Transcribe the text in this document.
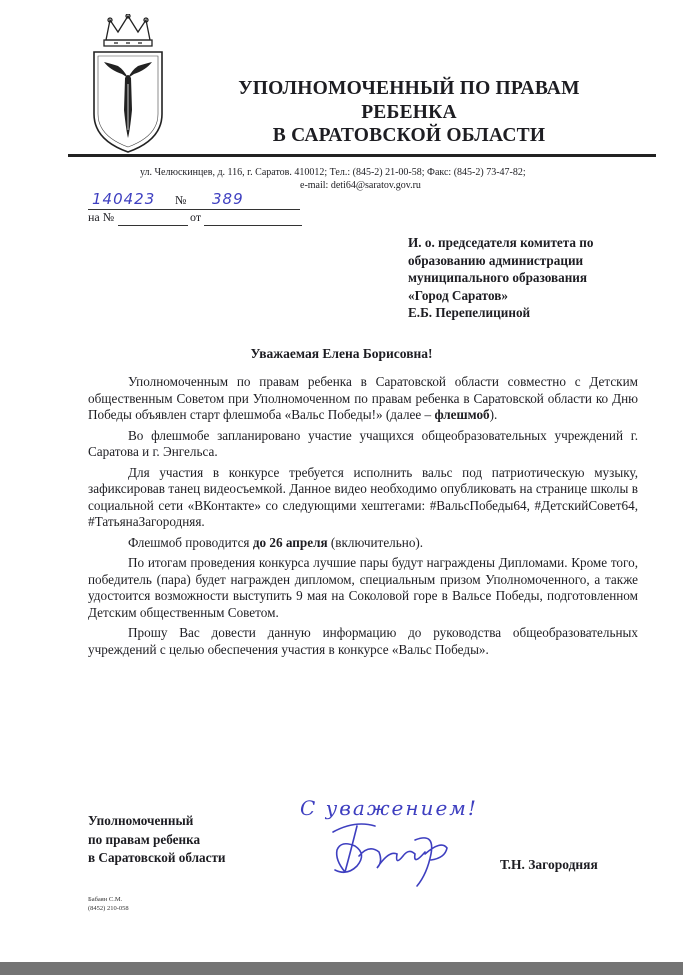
УПОЛНОМОЧЕННЫЙ ПО ПРАВАМ
РЕБЕНКА
В САРАТОВСКОЙ ОБЛАСТИ
ул. Челюскинцев, д. 116, г. Саратов. 410012; Тел.: (845-2) 21-00-58; Факс: (845-2) 73-47-82;
e-mail: deti64@saratov.gov.ru
140423 № 389
на №	от
И. о. председателя комитета по
образованию администрации
муниципального образования
«Город Саратов»
Е.Б. Перепелициной
Уважаемая Елена Борисовна!

Уполномоченным по правам ребенка в Саратовской области совместно с Детским общественным Советом при Уполномоченном по правам ребенка в Саратовской области ко Дню Победы объявлен старт флешмоба «Вальс Победы!» (далее – флешмоб).

Во флешмобе запланировано участие учащихся общеобразовательных учреждений г. Саратова и г. Энгельса.

Для участия в конкурсе требуется исполнить вальс под патриотическую музыку, зафиксировав танец видеосъемкой. Данное видео необходимо опубликовать на странице школы в социальной сети «ВКонтакте» со следующими хештегами: #ВальсПобеды64, #ДетскийСовет64, #ТатьянаЗагородняя.

Флешмоб проводится до 26 апреля (включительно).

По итогам проведения конкурса лучшие пары будут награждены Дипломами. Кроме того, победитель (пара) будет награжден дипломом, специальным призом Уполномоченного, а также удостоится возможности выступить 9 мая на Соколовой горе в Вальсе Победы, подготовленном Детским общественным Советом.

Прошу Вас довести данную информацию до руководства общеобразовательных учреждений с целью обеспечения участия в конкурсе «Вальс Победы».

Уполномоченный
по правам ребенка
в Саратовской области
С уважением!
Т.Н. Загородняя
Бабаян С.М.
(8452) 210-058
